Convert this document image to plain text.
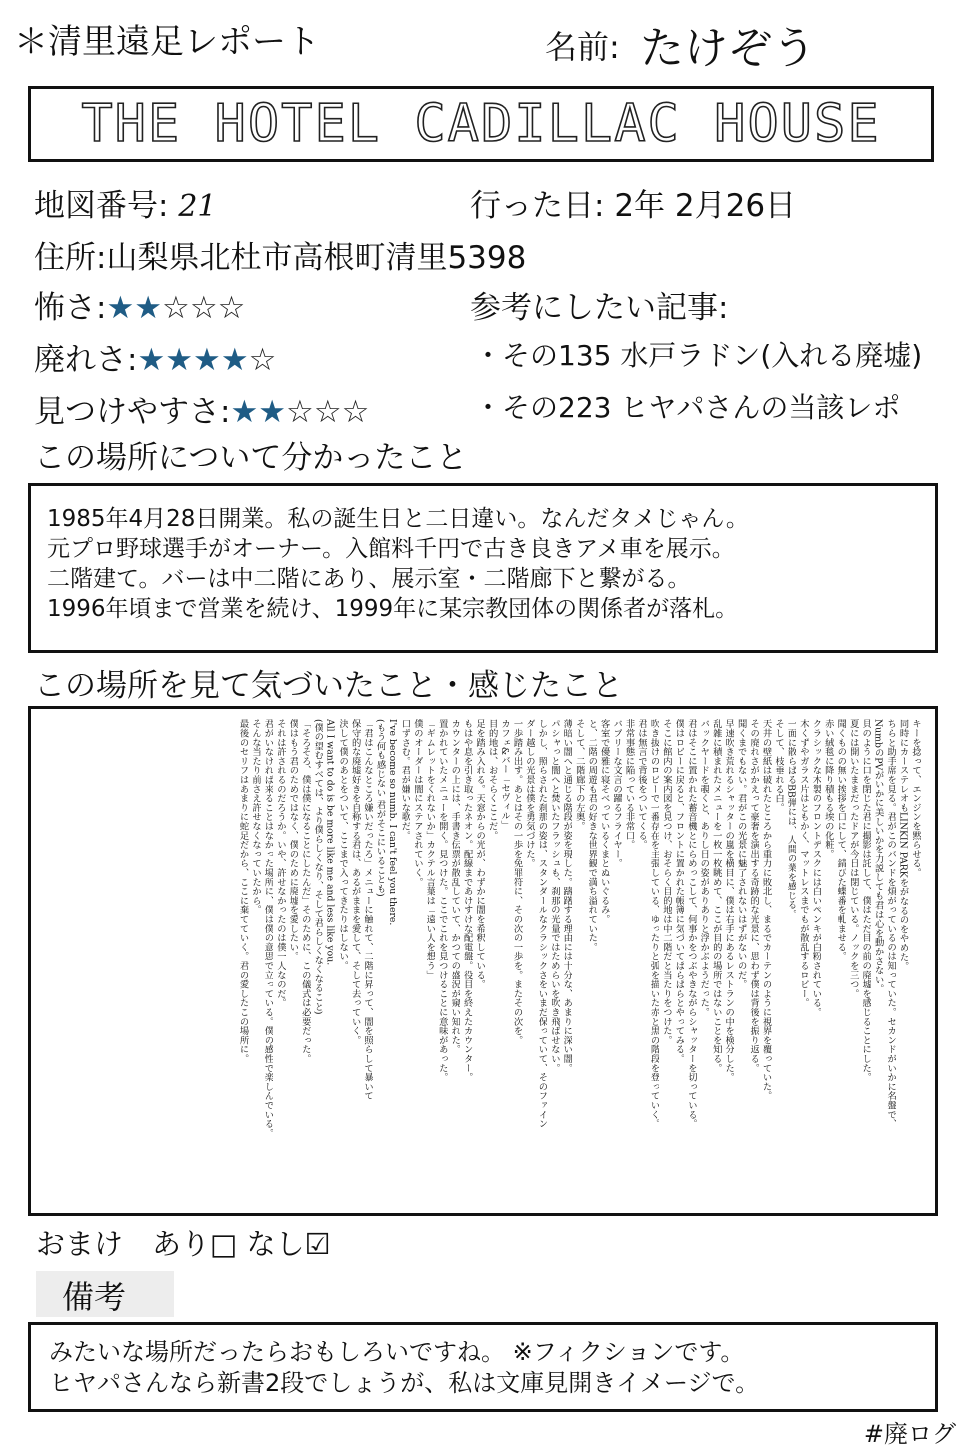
＊清里遠足レポート	名前: たけぞう
THE HOTEL CADILLAC HOUSE
地図番号: 21	行った日: 2年 2月26日
住所:山梨県北杜市高根町清里5398
怖さ:★★☆☆☆	参考にしたい記事:
廃れさ:★★★★☆	・その135 水戸ラドン(入れる廃墟)
見つけやすさ:★★☆☆☆	・その223 ヒヤパさんの当該レポ
この場所について分かったこと
1985年4月28日開業。私の誕生日と二日違い。なんだタメじゃん。
元プロ野球選手がオーナー。入館料千円で古き良きアメ車を展示。
二階建て。バーは中二階にあり、展示室・二階廊下と繋がる。
1996年頃まで営業を続け、1999年に某宗教団体の関係者が落札。
この場所を見て気づいたこと・感じたこと
キーを捻って、エンジンを黙らせる。
同時にカーステレオもLINKIN PARKをがなるのをやめた。
ちらと助手席を見る。君がこのバンドを煩がっているのは知っていた。セカンドがいかに名盤で、
NumbのPVがいかに美しいかを力説しても君は心を動かさない。
貝のように口を閉じた君に撮影は託して、僕はただ目の前の廃墟を感じることにした。
夏には開いたままだったドアが今日は閉じている。ノックを三つ。
聞くものの無い挨拶を口にして、錆びた蝶番を軋ませる。
赤い絨毯に降り積もる埃の化粧。
クラシックな木製のフロントデスクには白いペンキが白粉されている。
木くずやガラス片はともかく、マットレスまでもが散乱するロビー。
一面に散らばるBB弾には、人間の業を感じる。
そして、枝垂れる白。
天井の壁紙は破れたところから重力に敗北し、まるでカーテンのように視界を覆っていた。
その廃れさがかえって豪奢を演出する奇跡的な光景に、思わず僕は背後を振り返る。
聞くまでもない。君がこの光景に魅了されないはずがないのだ。
早速吹き荒れるシャッターの嵐を横目に、僕は右手にあるレストランの中を検分した。
乱雑に積まれたメニューを一枚一枚眺めて、ここが目的の場所ではないことを知る。
バックヤードを覗くと、ありし日の姿がありありと浮かぶようだった。
君はそこに置かれた蓄音機とにらめっこして、何事かをつぶやきながらシャッターを切っている。
僕はロビーに戻ると、フロントに置かれた帳簿に気づいてぱらぱらとやってみる。
そこに館内の案内図を見つけ、おそらく目的地は中二階だと当たりをつけた。
吹き抜けのロビーで一番存在を主張している、ゆったりと弧を描いた赤と黒の階段を登っていく。
君は無言で背後をついてくる。
非常事態に陥っている非常口。
バブリーな文言の躍るフライヤー。
客室で優雅に寝そべっているくまとぬいぐるみ。
と、二階の周遊も君の好きな世界観で満ち溢れていた。
そして、二階廊下の左奥。
薄暗い闇へと通じる階段が姿を現した。躊躇する理由には十分な、あまりに深い闇。
パシャっと闇へと焚いたフラッシュも、刹那の光量ではためらいを吹き飛ばせない。
しかし、照らされた刹那の姿は、スタンダールなクラシックさをいまだ保っていて、そのファイン
ダー越しの光景は僕を勇気づけた。
一歩踏み出す。あとはその一歩を免罪符に、その次の一歩を。またその次を。
カフェ&バー「セヴィル」
目的地は、おそらくここだ。
足を踏み入れる。天窓からの光が、わずかに闇を希釈している。
もはや息を引き取ったネオン。配線まであけすけな配電盤。役目を終えたカウンター。
カウンターの上には、手書き伝票が散乱していて、かつての盛況が窺い知れた。
置かれていたメニューを開く。見つけた。ここでこれを見つけることに意味があった。
「ギムレットをくれないか」カクテル言葉は「遠い人を想う」
僕のオーダーは闇にステアされていく。
口ずさむ。君が嫌いな歌だ。
I've become so numb. I can't feel you there.
(もう何も感じない 君がそこにいることも)
「君はこんなところ嫌いだったろ」メニューに触れて、二階に昇って、闇を照らして暴いて
保守的な廃墟好きを自称する君は、あるがままを愛して、そして去っていく。
決して僕のあとをついて、ここまで入ってきたりはしない。
All I want to do is be more like me and less like you.
(僕の望むすべては、より僕らしくなり、そして君らしくなくなること)
「そろそろ、僕は僕になることにしたんだ」そのために、この儀式は必要だった。
僕はもう君のためではなく、僕のために廃墟を愛したい。
それは許されるのだろうか。いや、許せなかったのは僕一人なのだ。
君がいなければ来ることはなかった場所に、僕は僕の意思で立っている。僕の感性で楽しんでいる。
そんな当たり前さえ許せなくなっていたから。
最後のセリフはあまりに蛇足だから、ここに棄てていく。君の愛したこの場所に。
おまけ　あり□ なし☑
備考
みたいな場所だったらおもしろいですね。 ※フィクションです。
ヒヤパさんなら新書2段でしょうが、私は文庫見開きイメージで。
#廃ログ
